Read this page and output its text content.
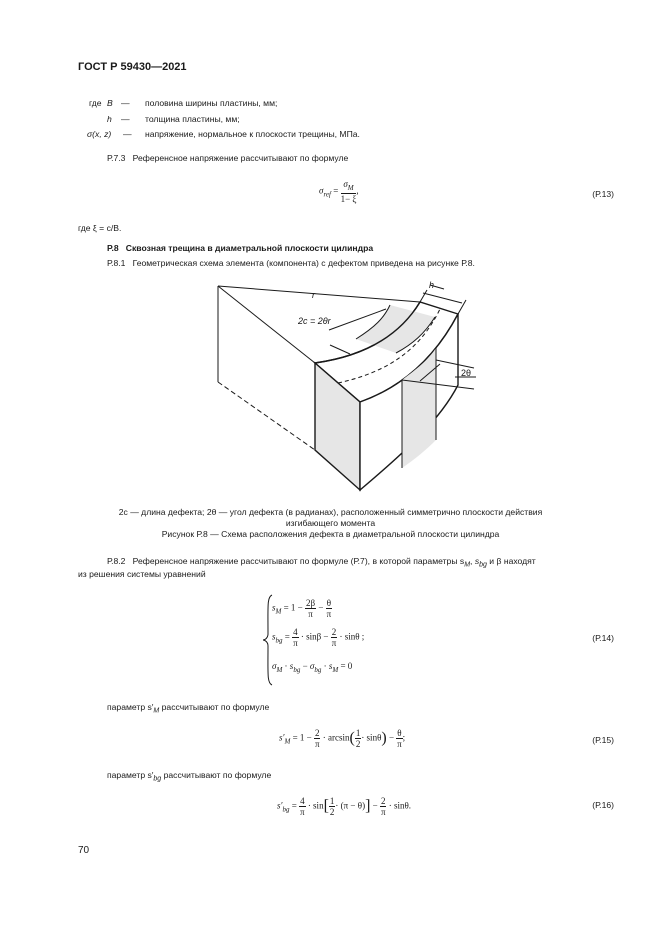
ГОСТ Р 59430—2021
где B — половина ширины пластины, мм;
h — толщина пластины, мм;
σ(x, z) — напряжение, нормальное к плоскости трещины, МПа.
Р.7.3 Референсное напряжение рассчитывают по формуле
$\sigma_{ref} = \frac{\sigma_M}{1- \xi}$ ,	(Р.13)
где ξ = c/B.
Р.8 Сквозная трещина в диаметральной плоскости цилиндра
Р.8.1 Геометрическая схема элемента (компонента) с дефектом приведена на рисунке Р.8.
r
h
2c = 2θr
2θ
2c — длина дефекта; 2θ — угол дефекта (в радианах), расположенный симметрично плоскости действия
изгибающего момента
Рисунок Р.8 — Схема расположения дефекта в диаметральной плоскости цилиндра
Р.8.2 Референсное напряжение рассчитывают по формуле (Р.7), в которой параметры $s_M$, $s_{bg}$ и β находят
из решения системы уравнений
$s_M = 1 - \frac{2\beta}{\pi} - \frac{\theta}{\pi}$
$s_{bg} = \frac{4}{\pi} \cdot \sin\beta - \frac{2}{\pi} \cdot \sin\theta$ ;
$\sigma_M \cdot s_{bg} - \sigma_{bg} \cdot s_M = 0$
(Р.14)
параметр $s'_M$ рассчитывают по формуле
$s'_M = 1 - \frac{2}{\pi} \cdot \arcsin( \frac{1}{2} \cdot \sin\theta) - \frac{\theta}{\pi}$ ;	(Р.15)
параметр $s'_{bg}$ рассчитывают по формуле
$s'_{bg} = \frac{4}{\pi} \cdot \sin[ \frac{1}{2} \cdot (\pi - \theta)] - \frac{2}{\pi} \cdot \sin\theta$.	(Р.16)
70
